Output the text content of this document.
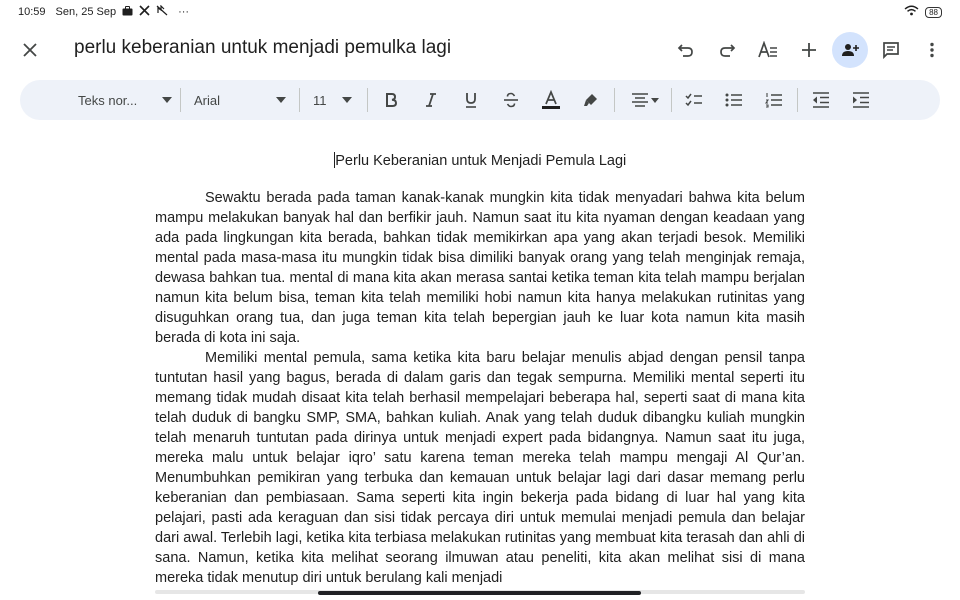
10:59 Sen, 25 Sep	···	88
perlu keberanian untuk menjadi pemulka lagi
Teks nor...	Arial	11
Perlu Keberanian untuk Menjadi Pemula Lagi

Sewaktu berada pada taman kanak-kanak mungkin kita tidak menyadari bahwa kita belum mampu melakukan banyak hal dan berfikir jauh. Namun saat itu kita nyaman dengan keadaan yang ada pada lingkungan kita berada, bahkan tidak memikirkan apa yang akan terjadi besok. Memiliki mental pada masa-masa itu mungkin tidak bisa dimiliki banyak orang yang telah menginjak remaja, dewasa bahkan tua. mental di mana kita akan merasa santai ketika teman kita telah mampu berjalan namun kita belum bisa, teman kita telah memiliki hobi namun kita hanya melakukan rutinitas yang disuguhkan orang tua, dan juga teman kita telah bepergian jauh ke luar kota namun kita masih berada di kota ini saja.

Memiliki mental pemula, sama ketika kita baru belajar menulis abjad dengan pensil tanpa tuntutan hasil yang bagus, berada di dalam garis dan tegak sempurna. Memiliki mental seperti itu memang tidak mudah disaat kita telah berhasil mempelajari beberapa hal, seperti saat di mana kita telah duduk di bangku SMP, SMA, bahkan kuliah. Anak yang telah duduk dibangku kuliah mungkin telah menaruh tuntutan pada dirinya untuk menjadi expert pada bidangnya. Namun saat itu juga, mereka malu untuk belajar iqro’ satu karena teman mereka telah mampu mengaji Al Qur’an. Menumbuhkan pemikiran yang terbuka dan kemauan untuk belajar lagi dari dasar memang perlu keberanian dan pembiasaan. Sama seperti kita ingin bekerja pada bidang di luar hal yang kita pelajari, pasti ada keraguan dan sisi tidak percaya diri untuk memulai menjadi pemula dan belajar dari awal. Terlebih lagi, ketika kita terbiasa melakukan rutinitas yang membuat kita terasah dan ahli di sana. Namun, ketika kita melihat seorang ilmuwan atau peneliti, kita akan melihat sisi di mana mereka tidak menutup diri untuk berulang kali menjadi
